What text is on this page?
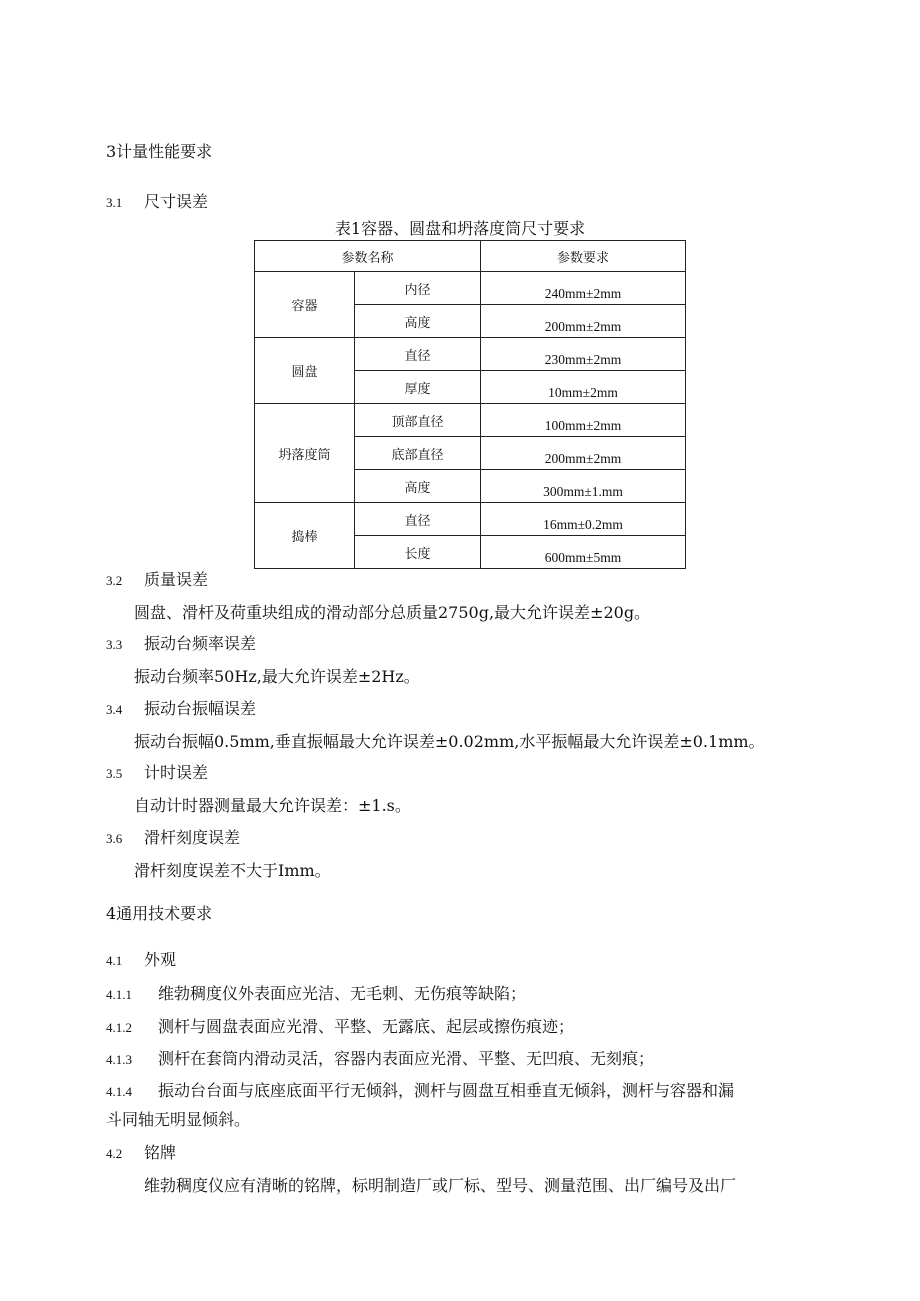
3计量性能要求
3.1 尺寸误差
表1容器、圆盘和坍落度筒尺寸要求
参数名称		参数要求
容器	内径	240mm±2mm
	高度	200mm±2mm
圆盘	直径	230mm±2mm
	厚度	10mm±2mm
坍落度筒	顶部直径	100mm±2mm
	底部直径	200mm±2mm
	高度	300mm±1.mm
捣棒	直径	16mm±0.2mm
	长度	600mm±5mm
3.2 质量误差
圆盘、滑杆及荷重块组成的滑动部分总质量2750g,最大允许误差±20g。
3.3 振动台频率误差
振动台频率50Hz,最大允许误差±2Hz。
3.4 振动台振幅误差
振动台振幅0.5mm,垂直振幅最大允许误差±0.02mm,水平振幅最大允许误差±0.1mm。
3.5 计时误差
自动计时器测量最大允许误差：±1.s。
3.6 滑杆刻度误差
滑杆刻度误差不大于Imm。
4通用技术要求
4.1 外观
4.1.1 维勃稠度仪外表面应光洁、无毛刺、无伤痕等缺陷；
4.1.2 测杆与圆盘表面应光滑、平整、无露底、起层或擦伤痕迹；
4.1.3 测杆在套筒内滑动灵活，容器内表面应光滑、平整、无凹痕、无刻痕；
4.1.4 振动台台面与底座底面平行无倾斜，测杆与圆盘互相垂直无倾斜，测杆与容器和漏
斗同轴无明显倾斜。
4.2 铭牌
维勃稠度仪应有清晰的铭牌，标明制造厂或厂标、型号、测量范围、出厂编号及出厂
